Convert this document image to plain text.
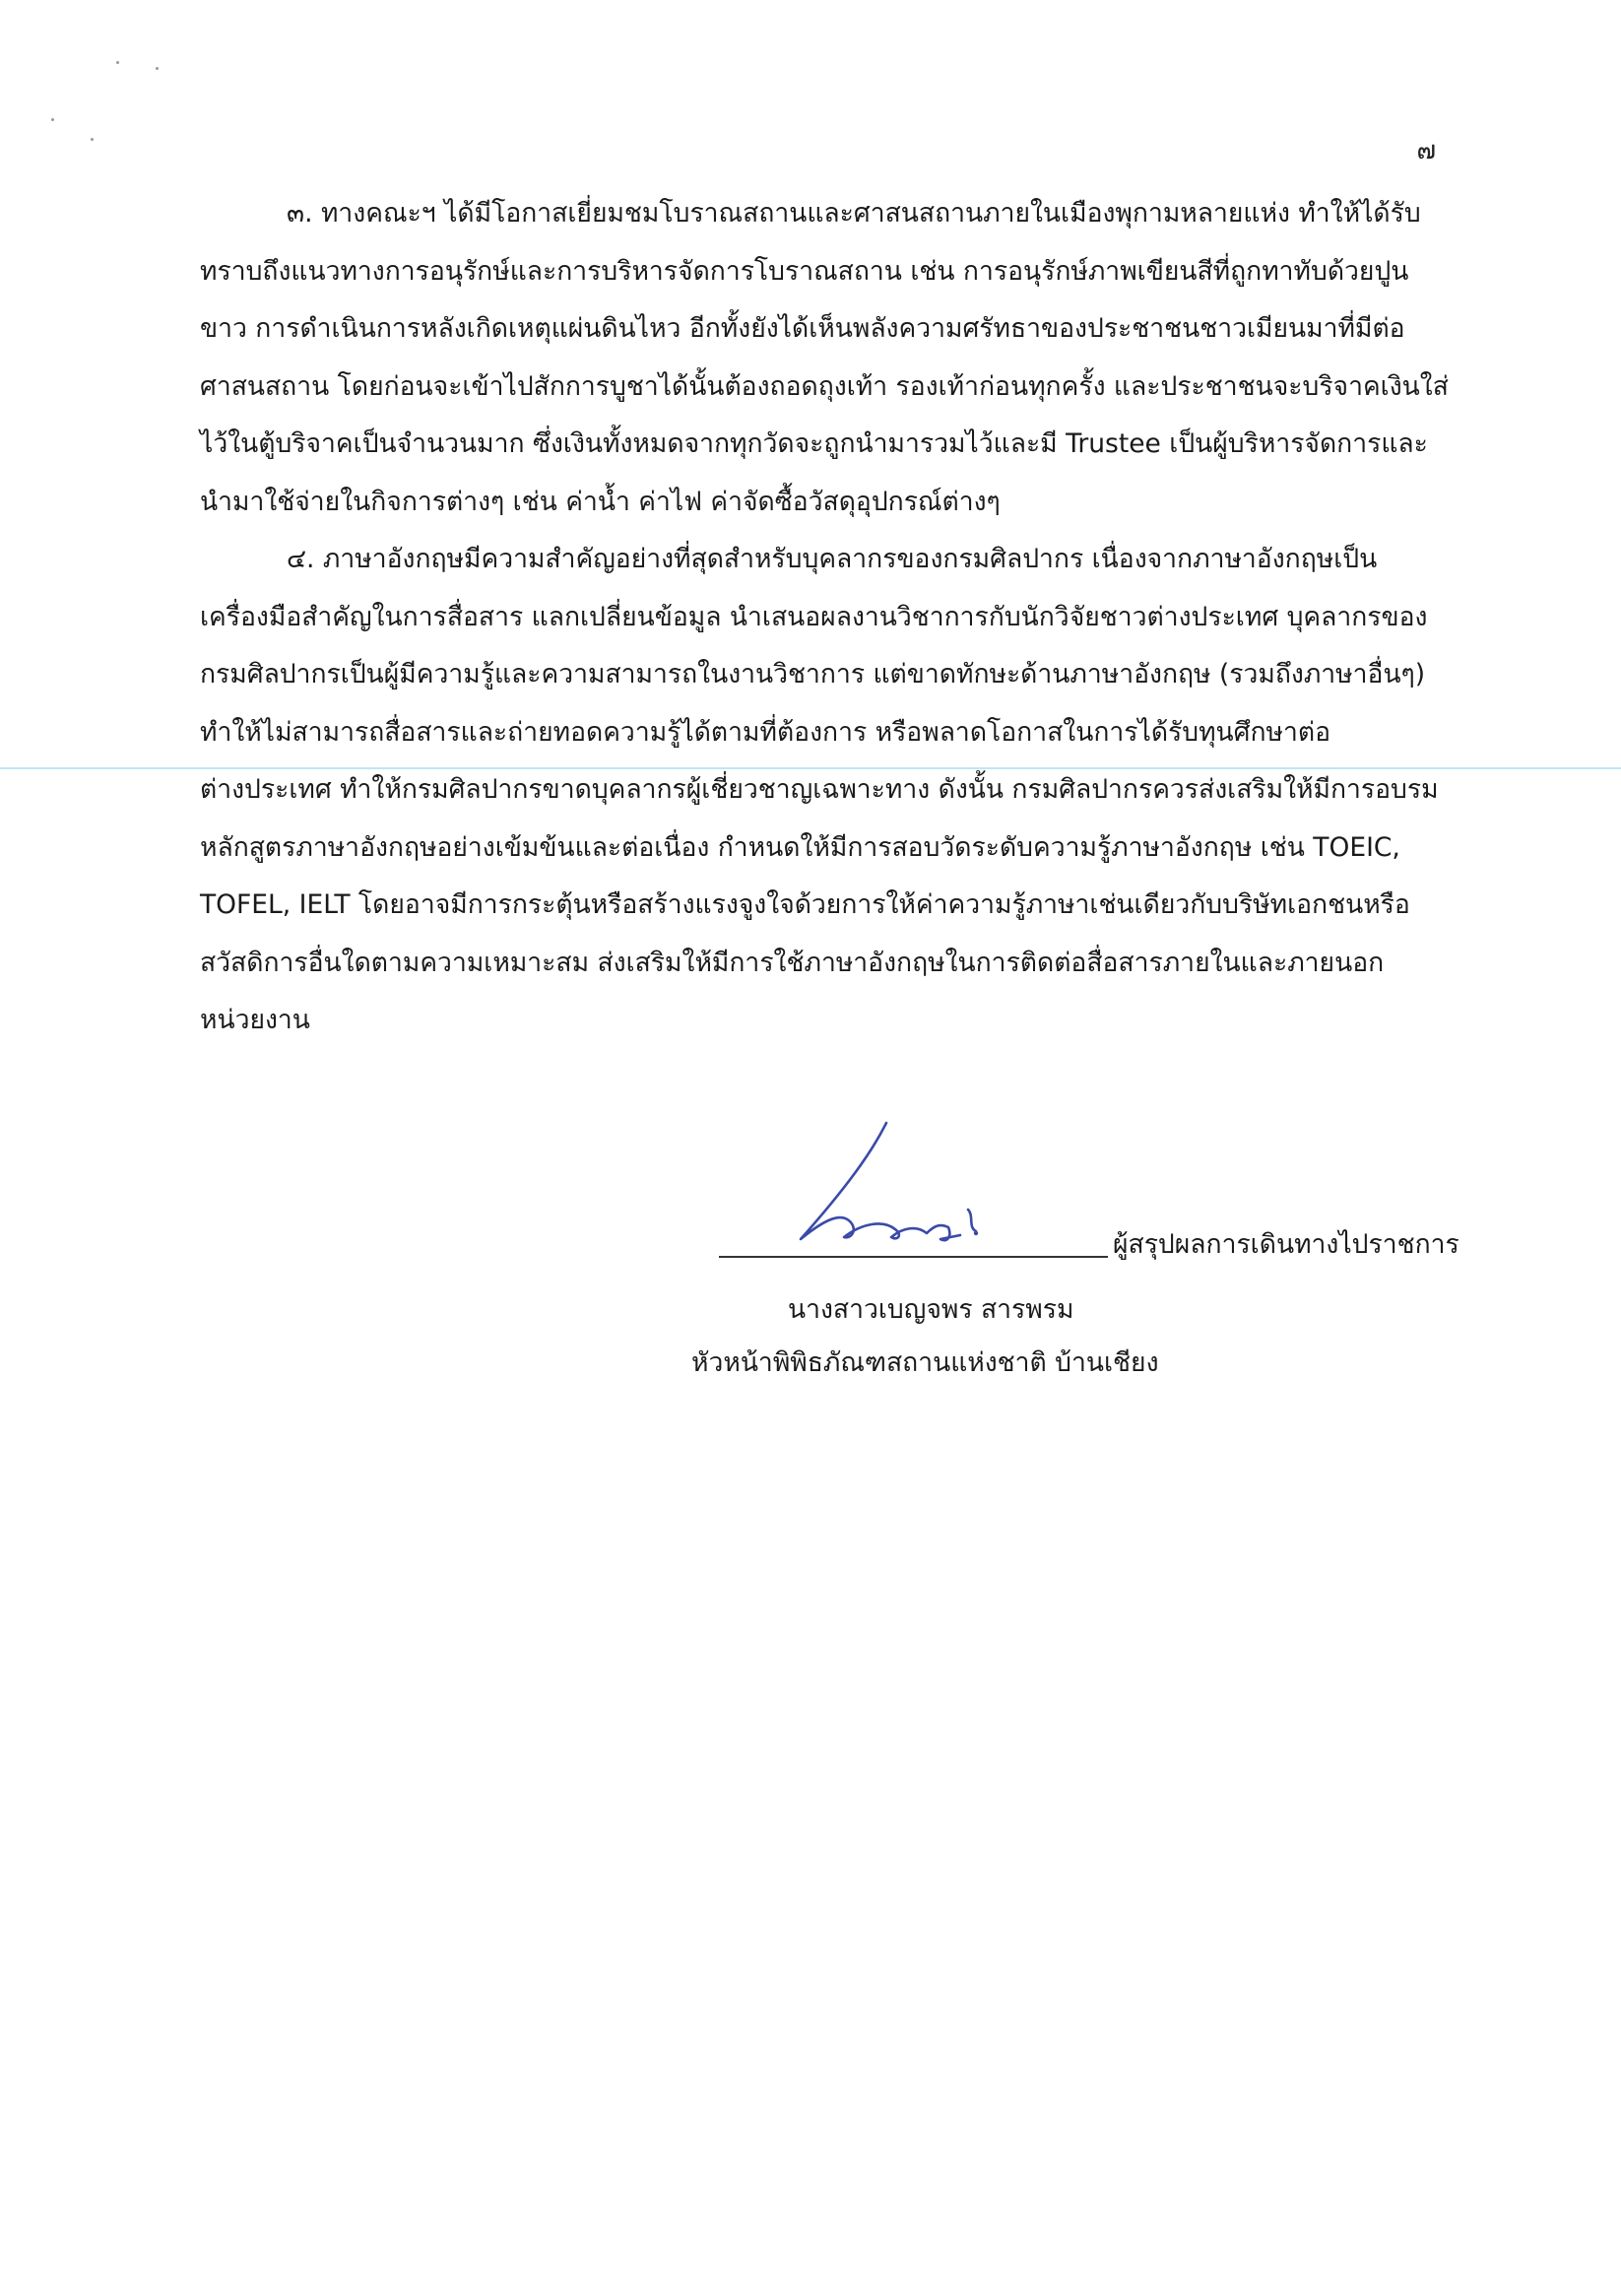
๗
๓. ทางคณะฯ ได้มีโอกาสเยี่ยมชมโบราณสถานและศาสนสถานภายในเมืองพุกามหลายแห่ง ทำให้ได้รับ
ทราบถึงแนวทางการอนุรักษ์และการบริหารจัดการโบราณสถาน เช่น การอนุรักษ์ภาพเขียนสีที่ถูกทาทับด้วยปูน
ขาว การดำเนินการหลังเกิดเหตุแผ่นดินไหว อีกทั้งยังได้เห็นพลังความศรัทธาของประชาชนชาวเมียนมาที่มีต่อ
ศาสนสถาน โดยก่อนจะเข้าไปสักการบูชาได้นั้นต้องถอดถุงเท้า รองเท้าก่อนทุกครั้ง และประชาชนจะบริจาคเงินใส่
ไว้ในตู้บริจาคเป็นจำนวนมาก ซึ่งเงินทั้งหมดจากทุกวัดจะถูกนำมารวมไว้และมี Trustee เป็นผู้บริหารจัดการและ
นำมาใช้จ่ายในกิจการต่างๆ เช่น ค่าน้ำ ค่าไฟ ค่าจัดซื้อวัสดุอุปกรณ์ต่างๆ
๔. ภาษาอังกฤษมีความสำคัญอย่างที่สุดสำหรับบุคลากรของกรมศิลปากร เนื่องจากภาษาอังกฤษเป็น
เครื่องมือสำคัญในการสื่อสาร แลกเปลี่ยนข้อมูล นำเสนอผลงานวิชาการกับนักวิจัยชาวต่างประเทศ บุคลากรของ
กรมศิลปากรเป็นผู้มีความรู้และความสามารถในงานวิชาการ แต่ขาดทักษะด้านภาษาอังกฤษ (รวมถึงภาษาอื่นๆ)
ทำให้ไม่สามารถสื่อสารและถ่ายทอดความรู้ได้ตามที่ต้องการ หรือพลาดโอกาสในการได้รับทุนศึกษาต่อ
ต่างประเทศ ทำให้กรมศิลปากรขาดบุคลากรผู้เชี่ยวชาญเฉพาะทาง ดังนั้น กรมศิลปากรควรส่งเสริมให้มีการอบรม
หลักสูตรภาษาอังกฤษอย่างเข้มข้นและต่อเนื่อง กำหนดให้มีการสอบวัดระดับความรู้ภาษาอังกฤษ เช่น TOEIC,
TOFEL, IELT โดยอาจมีการกระตุ้นหรือสร้างแรงจูงใจด้วยการให้ค่าความรู้ภาษาเช่นเดียวกับบริษัทเอกชนหรือ
สวัสดิการอื่นใดตามความเหมาะสม ส่งเสริมให้มีการใช้ภาษาอังกฤษในการติดต่อสื่อสารภายในและภายนอก
หน่วยงาน
ผู้สรุปผลการเดินทางไปราชการ
นางสาวเบญจพร สารพรม
หัวหน้าพิพิธภัณฑสถานแห่งชาติ บ้านเชียง
